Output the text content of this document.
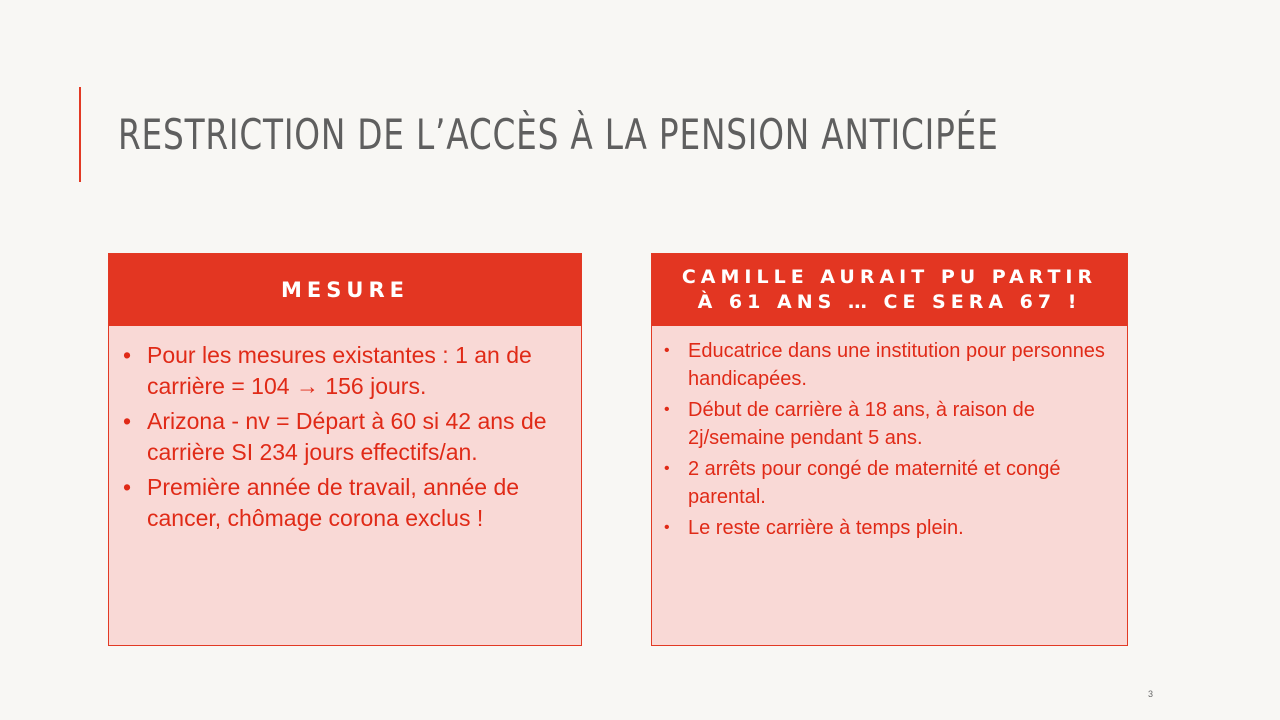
RESTRICTION DE L’ACCÈS À LA PENSION ANTICIPÉE
MESURE
• Pour les mesures existantes : 1 an de carrière = 104 → 156 jours.
• Arizona - nv = Départ à 60 si 42 ans de carrière SI 234 jours effectifs/an.
• Première année de travail, année de cancer, chômage corona exclus !
CAMILLE AURAIT PU PARTIR
À 61 ANS … CE SERA 67 !
• Educatrice dans une institution pour personnes handicapées.
• Début de carrière à 18 ans, à raison de 2j/semaine pendant 5 ans.
• 2 arrêts pour congé de maternité et congé parental.
• Le reste carrière à temps plein.
3
